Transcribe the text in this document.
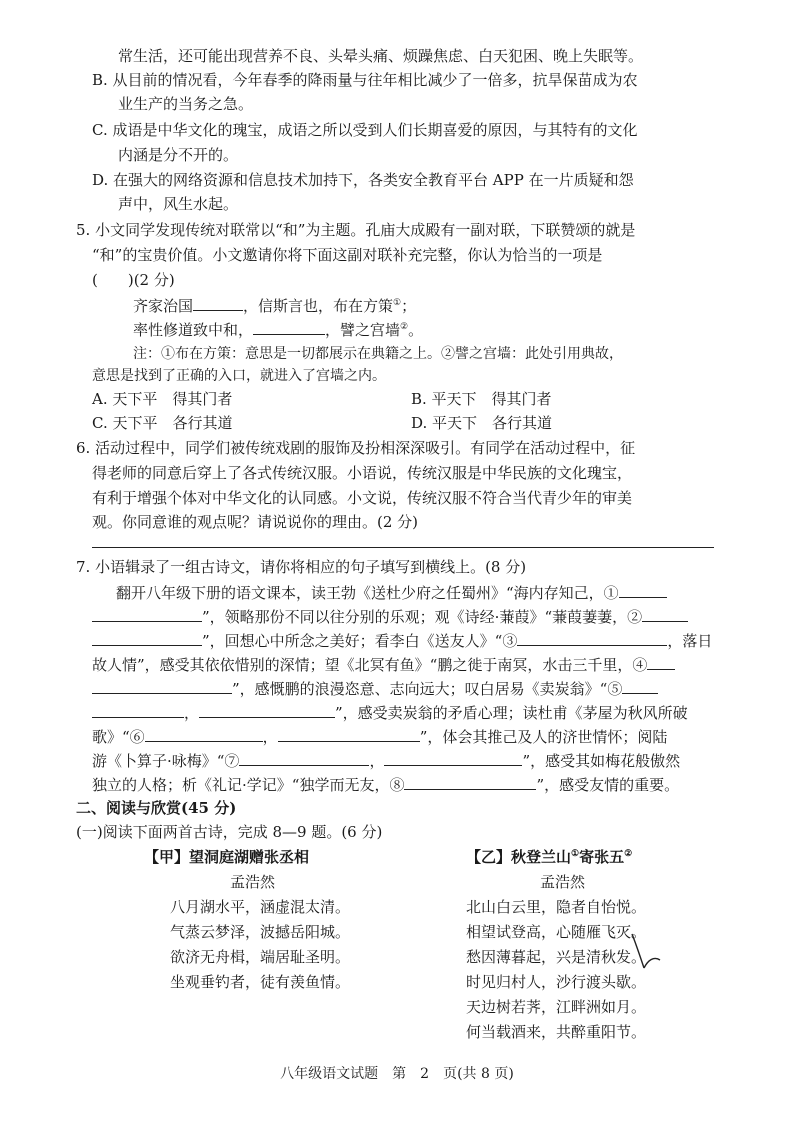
常生活，还可能出现营养不良、头晕头痛、烦躁焦虑、白天犯困、晚上失眠等。
B. 从目前的情况看，今年春季的降雨量与往年相比减少了一倍多，抗旱保苗成为农
业生产的当务之急。
C. 成语是中华文化的瑰宝，成语之所以受到人们长期喜爱的原因，与其特有的文化
内涵是分不开的。
D. 在强大的网络资源和信息技术加持下，各类安全教育平台 APP 在一片质疑和怨
声中，风生水起。
5. 小文同学发现传统对联常以“和”为主题。孔庙大成殿有一副对联，下联赞颂的就是
“和”的宝贵价值。小文邀请你将下面这副对联补充完整，你认为恰当的一项是
(　　)(2 分)
齐家治国	，信斯言也，布在方策①；
率性修道致中和，	，譬之宫墙②。
注：①布在方策：意思是一切都展示在典籍之上。②譬之宫墙：此处引用典故，
意思是找到了正确的入口，就进入了宫墙之内。
A. 天下平　得其门者	B. 平天下　得其门者
C. 天下平　各行其道	D. 平天下　各行其道
6. 活动过程中，同学们被传统戏剧的服饰及扮相深深吸引。有同学在活动过程中，征
得老师的同意后穿上了各式传统汉服。小语说，传统汉服是中华民族的文化瑰宝，
有利于增强个体对中华文化的认同感。小文说，传统汉服不符合当代青少年的审美
观。你同意谁的观点呢？请说说你的理由。(2 分)
7. 小语辑录了一组古诗文，请你将相应的句子填写到横线上。(8 分)
翻开八年级下册的语文课本，读王勃《送杜少府之任蜀州》“海内存知己，①
”，领略那份不同以往分别的乐观；观《诗经·蒹葭》“蒹葭萋萋，②
”，回想心中所念之美好；看李白《送友人》“③	，落日
故人情”，感受其依依惜别的深情；望《北冥有鱼》“鹏之徙于南冥，水击三千里，④
”，感慨鹏的浪漫恣意、志向远大；叹白居易《卖炭翁》“⑤
，	”，感受卖炭翁的矛盾心理；读杜甫《茅屋为秋风所破
歌》“⑥	，	”，体会其推己及人的济世情怀；阅陆
游《卜算子·咏梅》“⑦	，	”，感受其如梅花般傲然
独立的人格；析《礼记·学记》“独学而无友，⑧	”，感受友情的重要。
二、阅读与欣赏(45 分)
(一)阅读下面两首古诗，完成 8—9 题。(6 分)
【甲】望洞庭湖赠张丞相
孟浩然
八月湖水平，涵虚混太清。
气蒸云梦泽，波撼岳阳城。
欲济无舟楫，端居耻圣明。
坐观垂钓者，徒有羡鱼情。
【乙】秋登兰山①寄张五②
孟浩然
北山白云里，隐者自怡悦。
相望试登高，心随雁飞灭。
愁因薄暮起，兴是清秋发。
时见归村人，沙行渡头歇。
天边树若荠，江畔洲如月。
何当载酒来，共醉重阳节。
八年级语文试题　第　2　页(共 8 页)
